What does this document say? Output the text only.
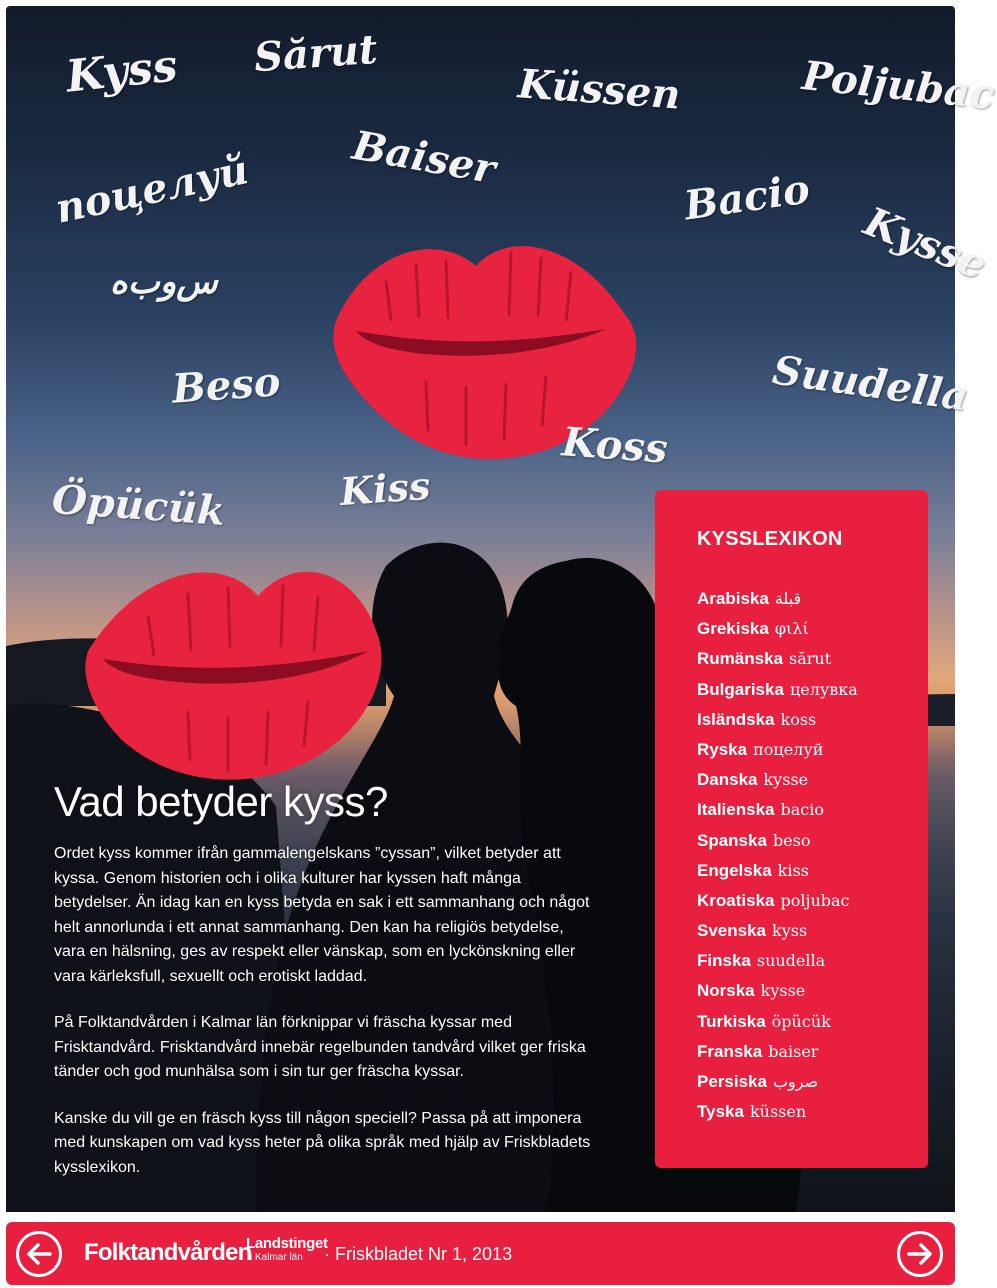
Kyss Sărut
Küssen	Poljubac
поцелуй Baiser
Bacio
Kysse
ﺱﻭﺏﻩ
Beso	Suudella
Koss
Öpücük	Kiss
Vad betyder kyss?

Ordet kyss kommer ifrån gammalengelskans ”cyssan”, vilket betyder att kyssa. Genom historien och i olika kulturer har kyssen haft många betydelser. Än idag kan en kyss betyda en sak i ett sammanhang och något helt annorlunda i ett annat sammanhang. Den kan ha religiös betydelse, vara en hälsning, ges av respekt eller vänskap, som en lyckönskning eller vara kärleksfull, sexuellt och erotiskt laddad.

På Folktandvården i Kalmar län förknippar vi fräscha kyssar med Frisktandvård. Frisktandvård innebär regelbunden tandvård vilket ger friska tänder och god munhälsa som i sin tur ger fräscha kyssar.

Kanske du vill ge en fräsch kyss till någon speciell? Passa på att imponera med kunskapen om vad kyss heter på olika språk med hjälp av Friskbladets kysslexikon.

KYSSLEXIKON
Arabiska قبلة
Grekiska φιλί
Rumänska sărut
Bulgariska целувка
Isländska koss
Ryska поцелуй
Danska kysse
Italienska bacio
Spanska beso
Engelska kiss
Kroatiska poljubac
Svenska kyss
Finska suudella
Norska kysse
Turkiska öpücük
Franska baiser
Persiska ﺻﺮوب
Tyska küssen
Folktandvården
Landstinget
i Kalmar län	· Friskbladet Nr 1, 2013
